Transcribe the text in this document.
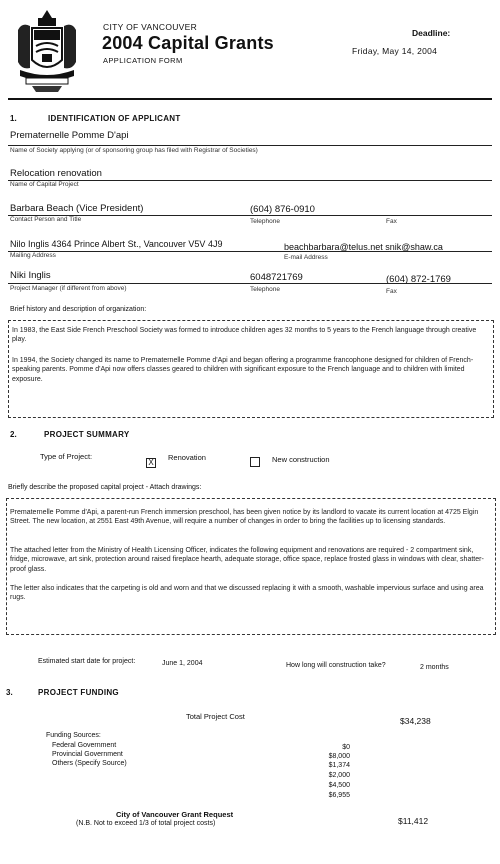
CITY OF VANCOUVER
2004 Capital Grants
APPLICATION FORM
Deadline:
Friday, May 14, 2004
1.	IDENTIFICATION OF APPLICANT
Prematernelle Pomme D'api
Name of Society applying (or of sponsoring group has filed with Registrar of Societies)
Relocation renovation
Name of Capital Project
Barbara Beach (Vice President)	(604) 876-0910
Contact Person and Title	Telephone	Fax
Nilo Inglis 4364 Prince Albert St., Vancouver V5V 4J9	beachbarbara@telus.net snik@shaw.ca
Mailing Address	E-mail Address
Niki Inglis	6048721769	(604) 872-1769
Project Manager (if different from above)	Telephone	Fax
Brief history and description of organization:
In 1983, the East Side French Preschool Society was formed to introduce children ages 32 months to 5 years to the French language through creative play.
In 1994, the Society changed its name to Prematernelle Pomme d'Api and began offering a programme francophone designed for children of French-speaking parents. Pomme d'Api now offers classes geared to children with significant exposure to the French language and to children with limited exposure.
2.	PROJECT SUMMARY
Type of Project:
X
Renovation	New construction
Briefly describe the proposed capital project - Attach drawings:
Prematernelle Pomme d'Api, a parent-run French immersion preschool, has been given notice by its landlord to vacate its current location at 4725 Elgin Street. The new location, at 2551 East 49th Avenue, will require a number of changes in order to bring the facilities up to licensing standards.
The attached letter from the Ministry of Health Licensing Officer, indicates the following equipment and renovations are required - 2 compartment sink, fridge, microwave, art sink, protection around raised fireplace hearth, adequate storage, office space, replace frosted glass in windows with clear, shatter-proof glass.
The letter also indicates that the carpeting is old and worn and that we discussed replacing it with a smooth, washable impervious surface and using area rugs.
Estimated start date for project:	June 1, 2004	How long will construction take?	2 months
3.	PROJECT FUNDING
Total Project Cost	$34,238
Funding Sources:
Federal Government	$0
Provincial Government	$8,000
Others (Specify Source)	$1,374
$2,000
$4,500
$6,955
City of Vancouver Grant Request
(N.B. Not to exceed 1/3 of total project costs)	$11,412
